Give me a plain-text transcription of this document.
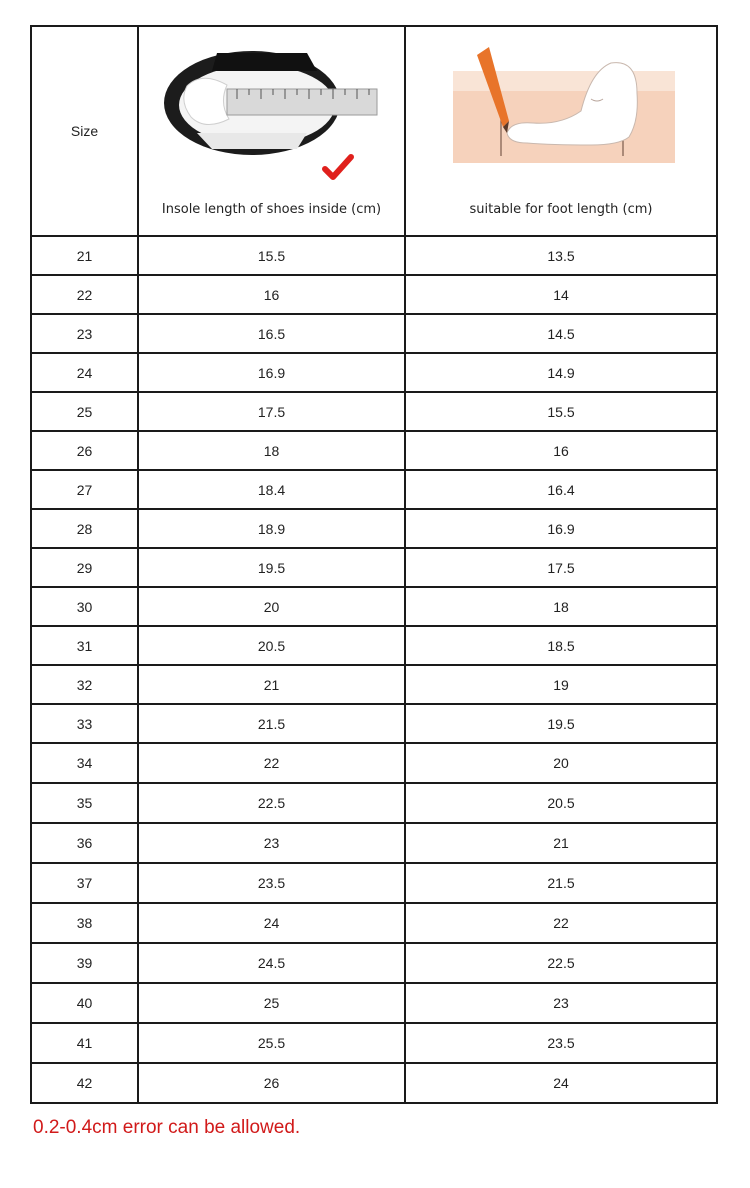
Size	Insole length of shoes inside (cm)	suitable for foot length (cm)

21	15.5	13.5
22	16	14
23	16.5	14.5
24	16.9	14.9
25	17.5	15.5
26	18	16
27	18.4	16.4
28	18.9	16.9
29	19.5	17.5
30	20	18
31	20.5	18.5
32	21	19
33	21.5	19.5
34	22	20
35	22.5	20.5
36	23	21
37	23.5	21.5
38	24	22
39	24.5	22.5
40	25	23
41	25.5	23.5
42	26	24
0.2-0.4cm error can be allowed.
